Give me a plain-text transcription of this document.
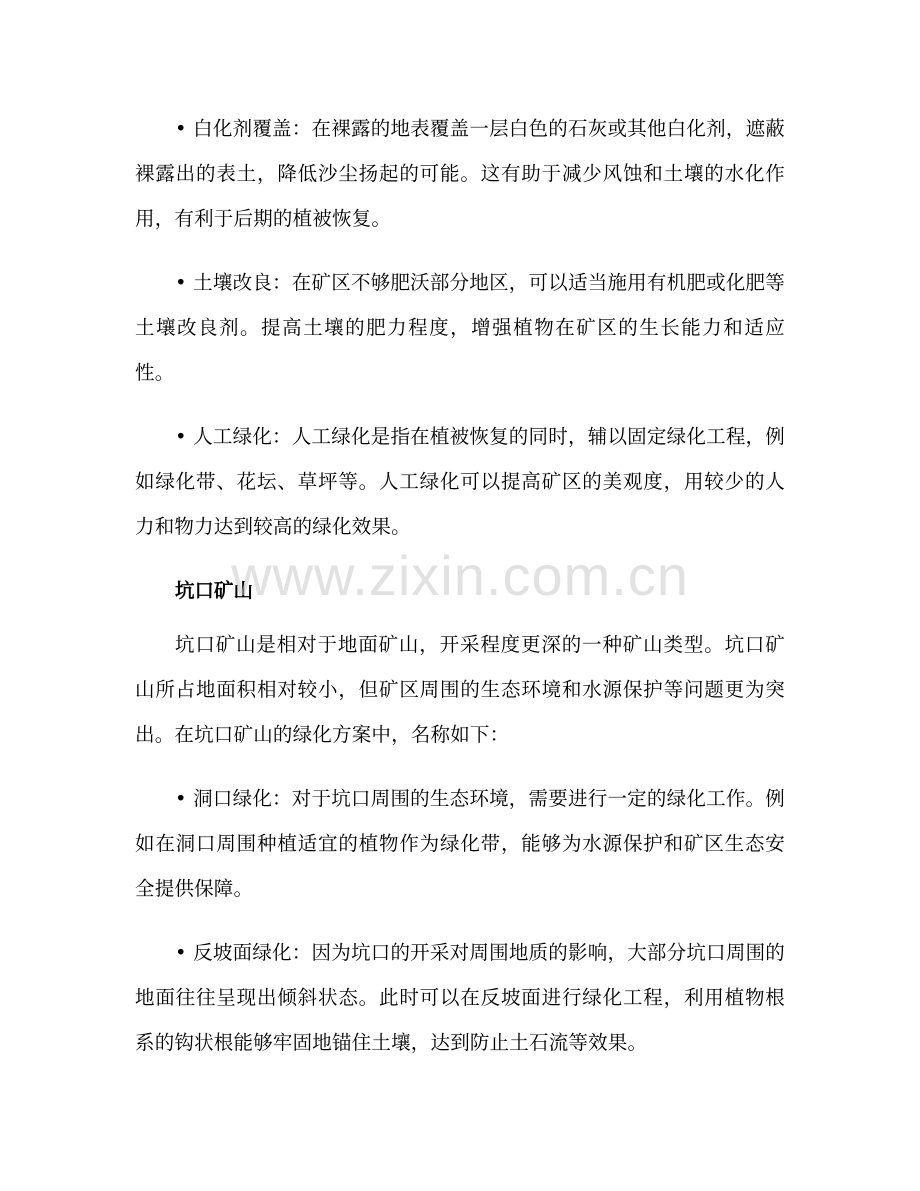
• 白化剂覆盖：在裸露的地表覆盖一层白色的石灰或其他白化剂，遮蔽裸露出的表土，降低沙尘扬起的可能。这有助于减少风蚀和土壤的水化作用，有利于后期的植被恢复。

• 土壤改良：在矿区不够肥沃部分地区，可以适当施用有机肥或化肥等土壤改良剂。提高土壤的肥力程度，增强植物在矿区的生长能力和适应性。

• 人工绿化：人工绿化是指在植被恢复的同时，辅以固定绿化工程，例如绿化带、花坛、草坪等。人工绿化可以提高矿区的美观度，用较少的人力和物力达到较高的绿化效果。

坑口矿山

坑口矿山是相对于地面矿山，开采程度更深的一种矿山类型。坑口矿山所占地面积相对较小，但矿区周围的生态环境和水源保护等问题更为突出。在坑口矿山的绿化方案中，名称如下：

• 洞口绿化：对于坑口周围的生态环境，需要进行一定的绿化工作。例如在洞口周围种植适宜的植物作为绿化带，能够为水源保护和矿区生态安全提供保障。

• 反坡面绿化：因为坑口的开采对周围地质的影响，大部分坑口周围的地面往往呈现出倾斜状态。此时可以在反坡面进行绿化工程，利用植物根系的钩状根能够牢固地锚住土壤，达到防止土石流等效果。

www.zixin.com.cn
